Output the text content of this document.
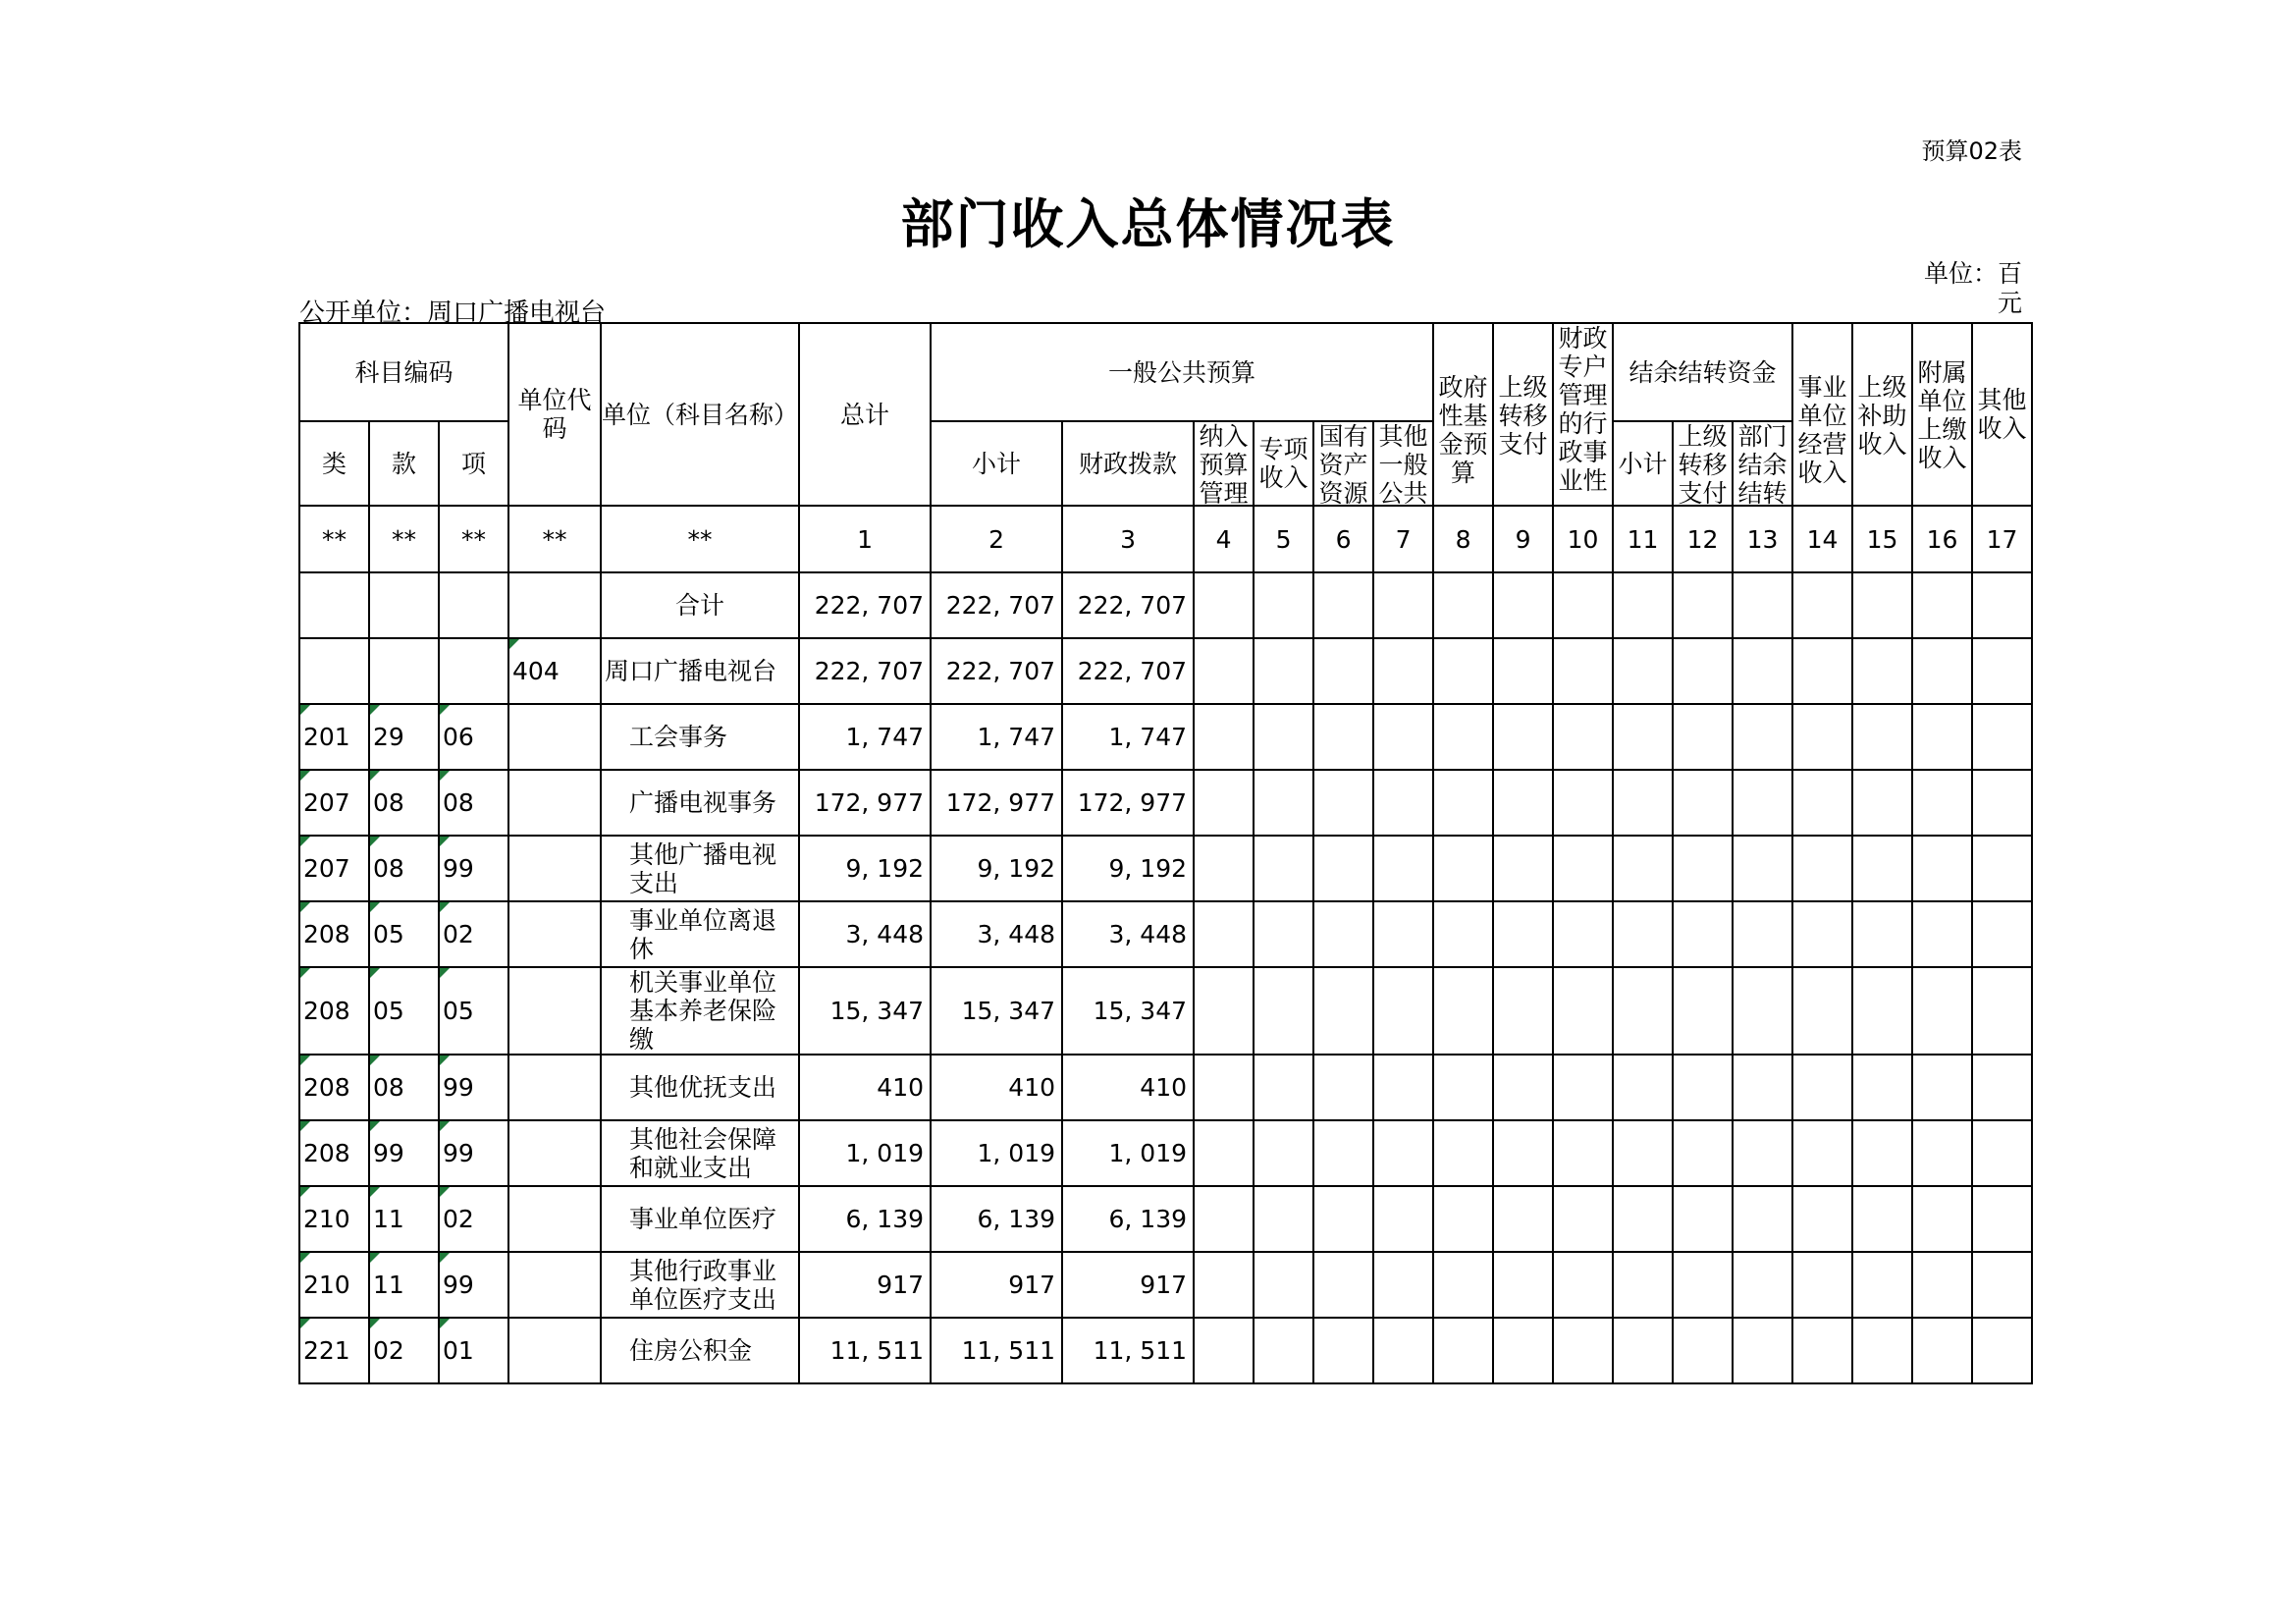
预算02表
部门收入总体情况表
单位：百元
公开单位：周口广播电视台
科目编码			单位代码	单位（科目名称）	总计	一般公共预算						政府性基金预算	上级转移支付	财政专户管理的行政事业性	结余结转资金			事业单位经营收入	上级补助收入	附属单位上缴收入	其他收入

类	款	项				小计	财政拨款	纳入预算管理	专项收入	国有资产资源	其他一般公共				小计	上级转移支付	部门结余结转				

**	**	**	**	**	1	2	3	4	5	6	7	8	9	10	11	12	13	14	15	16	17
				合计	222, 707	222, 707	222, 707														
			404	周口广播电视台	222, 707	222, 707	222, 707														
201	29	06		工会事务	1, 747	1, 747	1, 747														
207	08	08		广播电视事务	172, 977	172, 977	172, 977														
207	08	99		其他广播电视支出	9, 192	9, 192	9, 192														
208	05	02		事业单位离退休	3, 448	3, 448	3, 448														
208	05	05		机关事业单位基本养老保险缴	15, 347	15, 347	15, 347														
208	08	99		其他优抚支出	410	410	410														
208	99	99		其他社会保障和就业支出	1, 019	1, 019	1, 019														
210	11	02		事业单位医疗	6, 139	6, 139	6, 139														
210	11	99		其他行政事业单位医疗支出	917	917	917														
221	02	01		住房公积金	11, 511	11, 511	11, 511														
